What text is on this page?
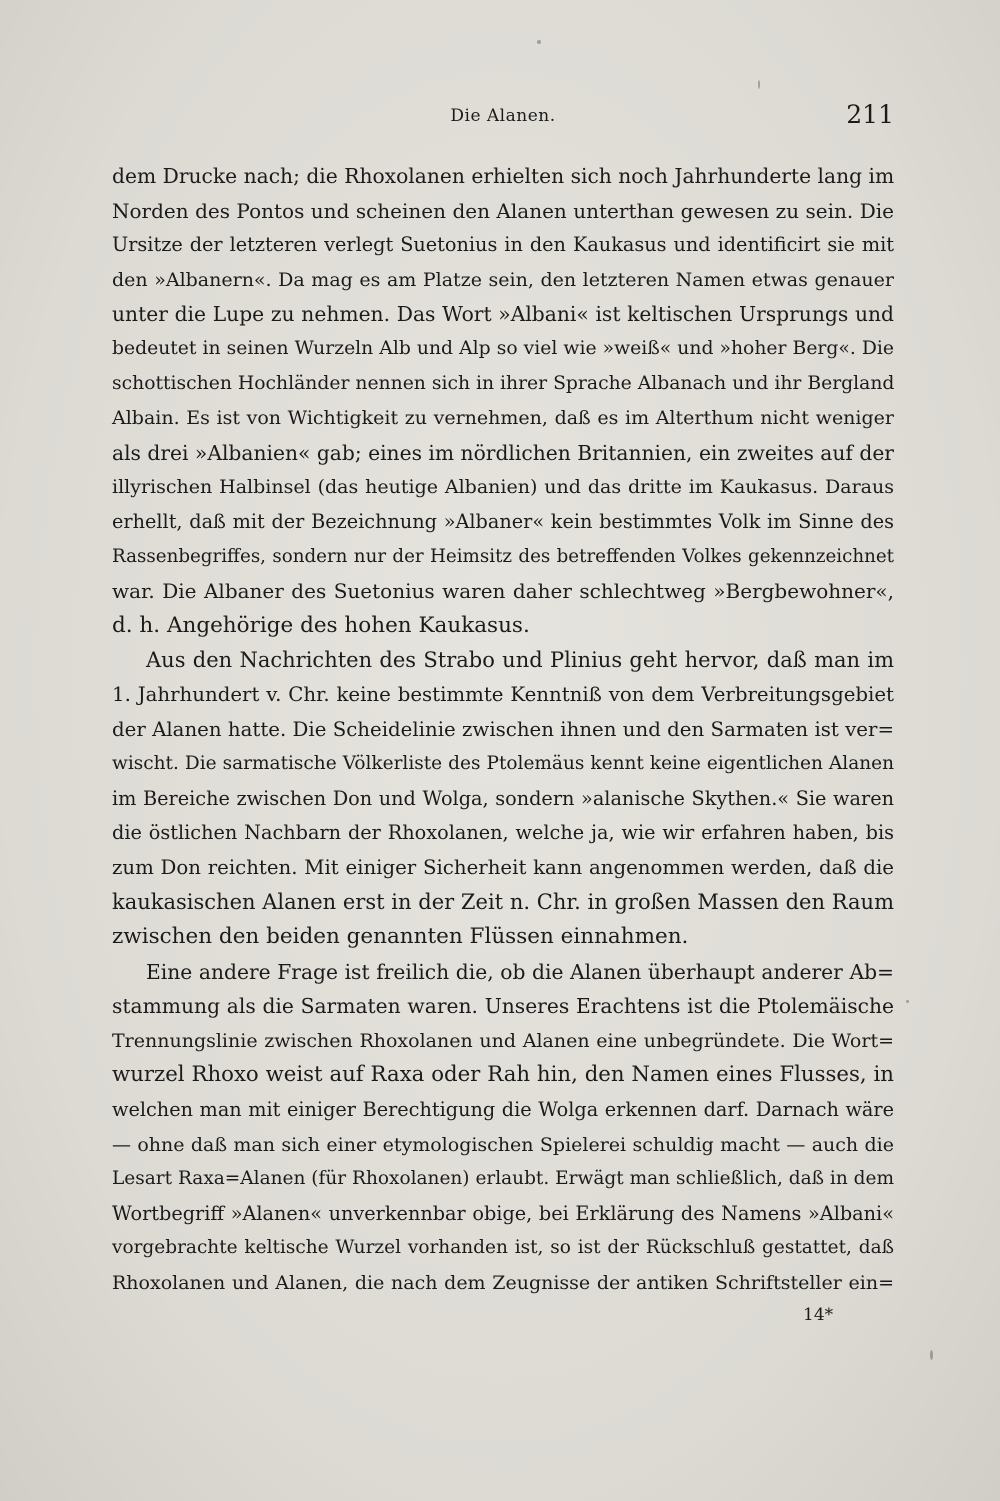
Die Alanen.	211
dem Drucke nach; die Rhoxolanen erhielten sich noch Jahrhunderte lang im
Norden des Pontos und scheinen den Alanen unterthan gewesen zu sein. Die
Ursitze der letzteren verlegt Suetonius in den Kaukasus und identificirt sie mit
den »Albanern«. Da mag es am Platze sein, den letzteren Namen etwas genauer
unter die Lupe zu nehmen. Das Wort »Albani« ist keltischen Ursprungs und
bedeutet in seinen Wurzeln Alb und Alp so viel wie »weiß« und »hoher Berg«. Die
schottischen Hochländer nennen sich in ihrer Sprache Albanach und ihr Bergland
Albain. Es ist von Wichtigkeit zu vernehmen, daß es im Alterthum nicht weniger
als drei »Albanien« gab; eines im nördlichen Britannien, ein zweites auf der
illyrischen Halbinsel (das heutige Albanien) und das dritte im Kaukasus. Daraus
erhellt, daß mit der Bezeichnung »Albaner« kein bestimmtes Volk im Sinne des
Rassenbegriffes, sondern nur der Heimsitz des betreffenden Volkes gekennzeichnet
war. Die Albaner des Suetonius waren daher schlechtweg »Bergbewohner«,
d. h. Angehörige des hohen Kaukasus.
Aus den Nachrichten des Strabo und Plinius geht hervor, daß man im
1. Jahrhundert v. Chr. keine bestimmte Kenntniß von dem Verbreitungsgebiet
der Alanen hatte. Die Scheidelinie zwischen ihnen und den Sarmaten ist ver=
wischt. Die sarmatische Völkerliste des Ptolemäus kennt keine eigentlichen Alanen
im Bereiche zwischen Don und Wolga, sondern »alanische Skythen.« Sie waren
die östlichen Nachbarn der Rhoxolanen, welche ja, wie wir erfahren haben, bis
zum Don reichten. Mit einiger Sicherheit kann angenommen werden, daß die
kaukasischen Alanen erst in der Zeit n. Chr. in großen Massen den Raum
zwischen den beiden genannten Flüssen einnahmen.
Eine andere Frage ist freilich die, ob die Alanen überhaupt anderer Ab=
stammung als die Sarmaten waren. Unseres Erachtens ist die Ptolemäische
Trennungslinie zwischen Rhoxolanen und Alanen eine unbegründete. Die Wort=
wurzel Rhoxo weist auf Raxa oder Rah hin, den Namen eines Flusses, in
welchen man mit einiger Berechtigung die Wolga erkennen darf. Darnach wäre
— ohne daß man sich einer etymologischen Spielerei schuldig macht — auch die
Lesart Raxa=Alanen (für Rhoxolanen) erlaubt. Erwägt man schließlich, daß in dem
Wortbegriff »Alanen« unverkennbar obige, bei Erklärung des Namens »Albani«
vorgebrachte keltische Wurzel vorhanden ist, so ist der Rückschluß gestattet, daß
Rhoxolanen und Alanen, die nach dem Zeugnisse der antiken Schriftsteller ein=
14*
